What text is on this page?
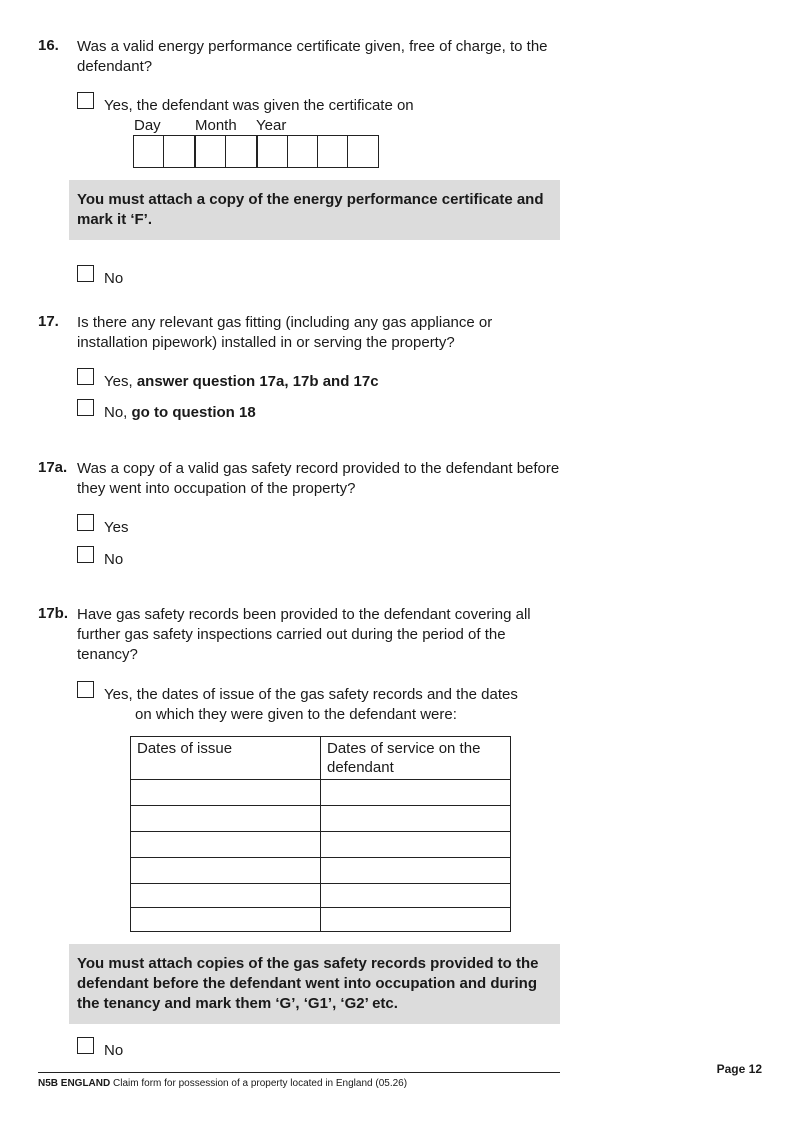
16. Was a valid energy performance certificate given, free of charge, to the defendant?
Yes, the defendant was given the certificate on
Day Month Year
You must attach a copy of the energy performance certificate and mark it ‘F’.
No
17. Is there any relevant gas fitting (including any gas appliance or installation pipework) installed in or serving the property?
Yes, answer question 17a, 17b and 17c
No, go to question 18
17a. Was a copy of a valid gas safety record provided to the defendant before they went into occupation of the property?
Yes
No
17b. Have gas safety records been provided to the defendant covering all further gas safety inspections carried out during the period of the tenancy?
Yes, the dates of issue of the gas safety records and the dates
on which they were given to the defendant were:
Dates of issue	Dates of service on the defendant

You must attach copies of the gas safety records provided to the defendant before the defendant went into occupation and during the tenancy and mark them ‘G’, ‘G1’, ‘G2’ etc.
No
Page 12
N5B ENGLAND Claim form for possession of a property located in England (05.26)
